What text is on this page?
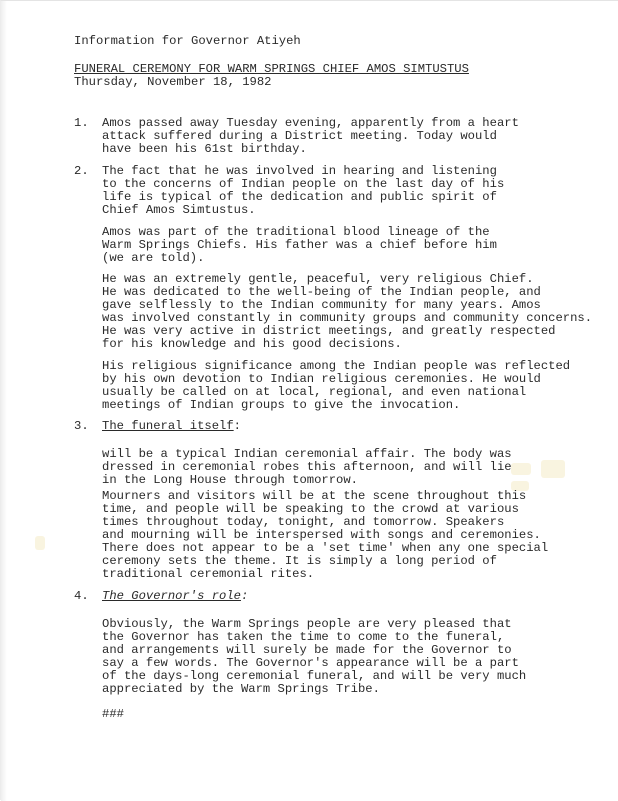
Information for Governor Atiyeh
FUNERAL CEREMONY FOR WARM SPRINGS CHIEF AMOS SIMTUSTUS
Thursday, November 18, 1982
1. Amos passed away Tuesday evening, apparently from a heart
attack suffered during a District meeting. Today would
have been his 61st birthday.
2. The fact that he was involved in hearing and listening
to the concerns of Indian people on the last day of his
life is typical of the dedication and public spirit of
Chief Amos Simtustus.
Amos was part of the traditional blood lineage of the
Warm Springs Chiefs. His father was a chief before him
(we are told).
He was an extremely gentle, peaceful, very religious Chief.
He was dedicated to the well-being of the Indian people, and
gave selflessly to the Indian community for many years. Amos
was involved constantly in community groups and community concerns.
He was very active in district meetings, and greatly respected
for his knowledge and his good decisions.
His religious significance among the Indian people was reflected
by his own devotion to Indian religious ceremonies. He would
usually be called on at local, regional, and even national
meetings of Indian groups to give the invocation.
3. The funeral itself:
will be a typical Indian ceremonial affair. The body was
dressed in ceremonial robes this afternoon, and will lie
in the Long House through tomorrow.
Mourners and visitors will be at the scene throughout this
time, and people will be speaking to the crowd at various
times throughout today, tonight, and tomorrow. Speakers
and mourning will be interspersed with songs and ceremonies.
There does not appear to be a 'set time' when any one special
ceremony sets the theme. It is simply a long period of
traditional ceremonial rites.
4. The Governor's role:
Obviously, the Warm Springs people are very pleased that
the Governor has taken the time to come to the funeral,
and arrangements will surely be made for the Governor to
say a few words. The Governor's appearance will be a part
of the days-long ceremonial funeral, and will be very much
appreciated by the Warm Springs Tribe.
###
